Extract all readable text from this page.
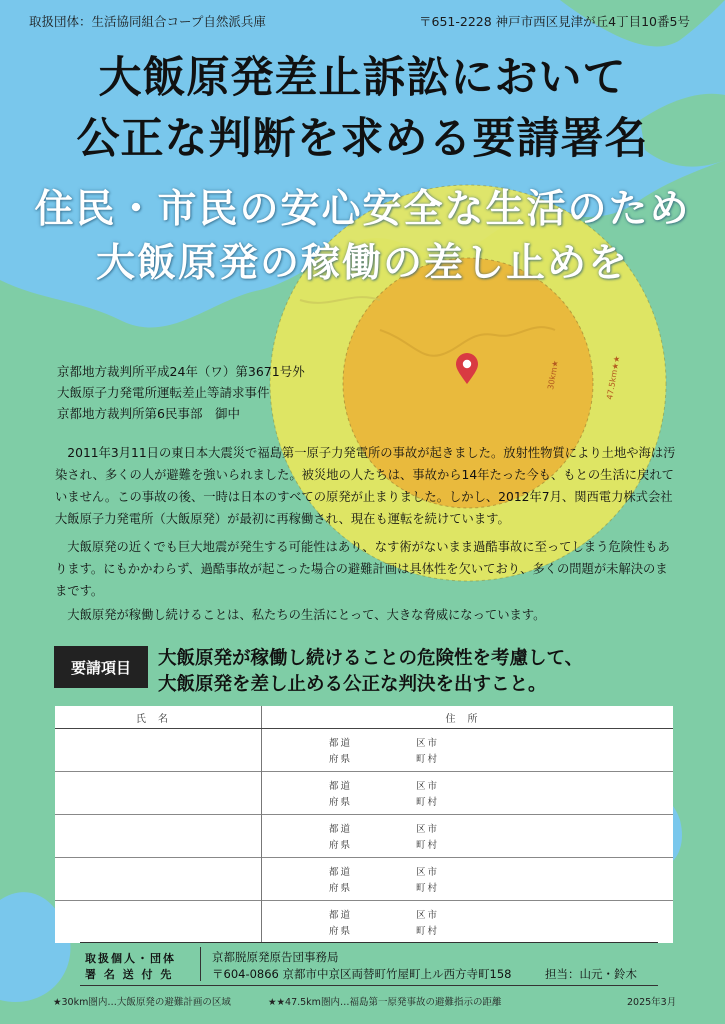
30km★	47.5km★★
取扱団体：生活協同組合コープ自然派兵庫	〒651-2228 神戸市西区見津が丘4丁目10番5号
大飯原発差止訴訟において
公正な判断を求める要請署名
住民・市民の安心安全な生活のため
大飯原発の稼働の差し止めを
京都地方裁判所平成24年（ワ）第3671号外
大飯原子力発電所運転差止等請求事件
京都地方裁判所第6民事部　御中

2011年3月11日の東日本大震災で福島第一原子力発電所の事故が起きました。放射性物質により土地や海は汚染され、多くの人が避難を強いられました。被災地の人たちは、事故から14年たった今も、もとの生活に戻れていません。この事故の後、一時は日本のすべての原発が止まりました。しかし、2012年7月、関西電力株式会社大飯原子力発電所（大飯原発）が最初に再稼働され、現在も運転を続けています。

大飯原発の近くでも巨大地震が発生する可能性はあり、なす術がないまま過酷事故に至ってしまう危険性もあります。にもかかわらず、過酷事故が起こった場合の避難計画は具体性を欠いており、多くの問題が未解決のままです。

大飯原発が稼働し続けることは、私たちの生活にとって、大きな脅威になっています。

要請項目	大飯原発が稼働し続けることの危険性を考慮して、
大飯原発を差し止める公正な判決を出すこと。
氏名	住所

	都道
府県
区市
町村

	都道
府県
区市
町村

	都道
府県
区市
町村

	都道
府県
区市
町村

	都道
府県
区市
町村
取扱個人・団体
署 名 送 付 先
京都脱原発原告団事務局
〒604-0866 京都市中京区両替町竹屋町上ル西方寺町158	担当：山元・鈴木
★30km圏内…大飯原発の避難計画の区域	★★47.5km圏内…福島第一原発事故の避難指示の距離	2025年3月
